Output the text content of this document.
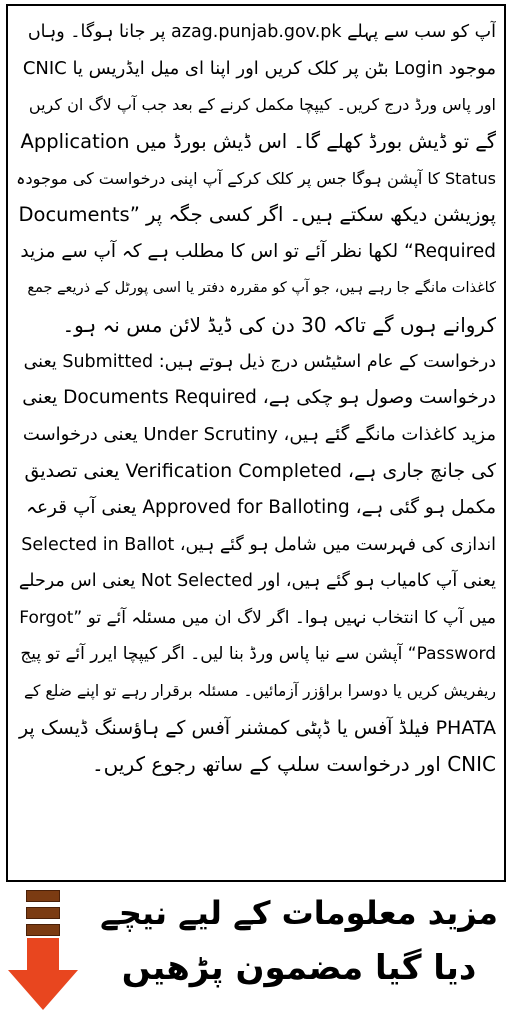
آپ کو سب سے پہلے azag.punjab.gov.pk پر جانا ہوگا۔ وہاں
موجود Login بٹن پر کلک کریں اور اپنا ای میل ایڈریس یا CNIC
اور پاس ورڈ درج کریں۔ کیپچا مکمل کرنے کے بعد جب آپ لاگ ان کریں
گے تو ڈیش بورڈ کھلے گا۔ اس ڈیش بورڈ میں Application
Status کا آپشن ہوگا جس پر کلک کرکے آپ اپنی درخواست کی موجودہ
پوزیشن دیکھ سکتے ہیں۔ اگر کسی جگہ پر ”Documents
Required“ لکھا نظر آئے تو اس کا مطلب ہے کہ آپ سے مزید
کاغذات مانگے جا رہے ہیں، جو آپ کو مقررہ دفتر یا اسی پورٹل کے ذریعے جمع
کروانے ہوں گے تاکہ 30 دن کی ڈیڈ لائن مس نہ ہو۔
درخواست کے عام اسٹیٹس درج ذیل ہوتے ہیں: Submitted یعنی
درخواست وصول ہو چکی ہے، Documents Required یعنی
مزید کاغذات مانگے گئے ہیں، Under Scrutiny یعنی درخواست
کی جانچ جاری ہے، Verification Completed یعنی تصدیق
مکمل ہو گئی ہے، Approved for Balloting یعنی آپ قرعہ
اندازی کی فہرست میں شامل ہو گئے ہیں، Selected in Ballot
یعنی آپ کامیاب ہو گئے ہیں، اور Not Selected یعنی اس مرحلے
میں آپ کا انتخاب نہیں ہوا۔ اگر لاگ ان میں مسئلہ آئے تو ”Forgot
Password“ آپشن سے نیا پاس ورڈ بنا لیں۔ اگر کیپچا ایرر آئے تو پیج
ریفریش کریں یا دوسرا براؤزر آزمائیں۔ مسئلہ برقرار رہے تو اپنے ضلع کے
PHATA فیلڈ آفس یا ڈپٹی کمشنر آفس کے ہاؤسنگ ڈیسک پر
CNIC اور درخواست سلپ کے ساتھ رجوع کریں۔
مزید معلومات کے لیے نیچے
دیا گیا مضمون پڑھیں
